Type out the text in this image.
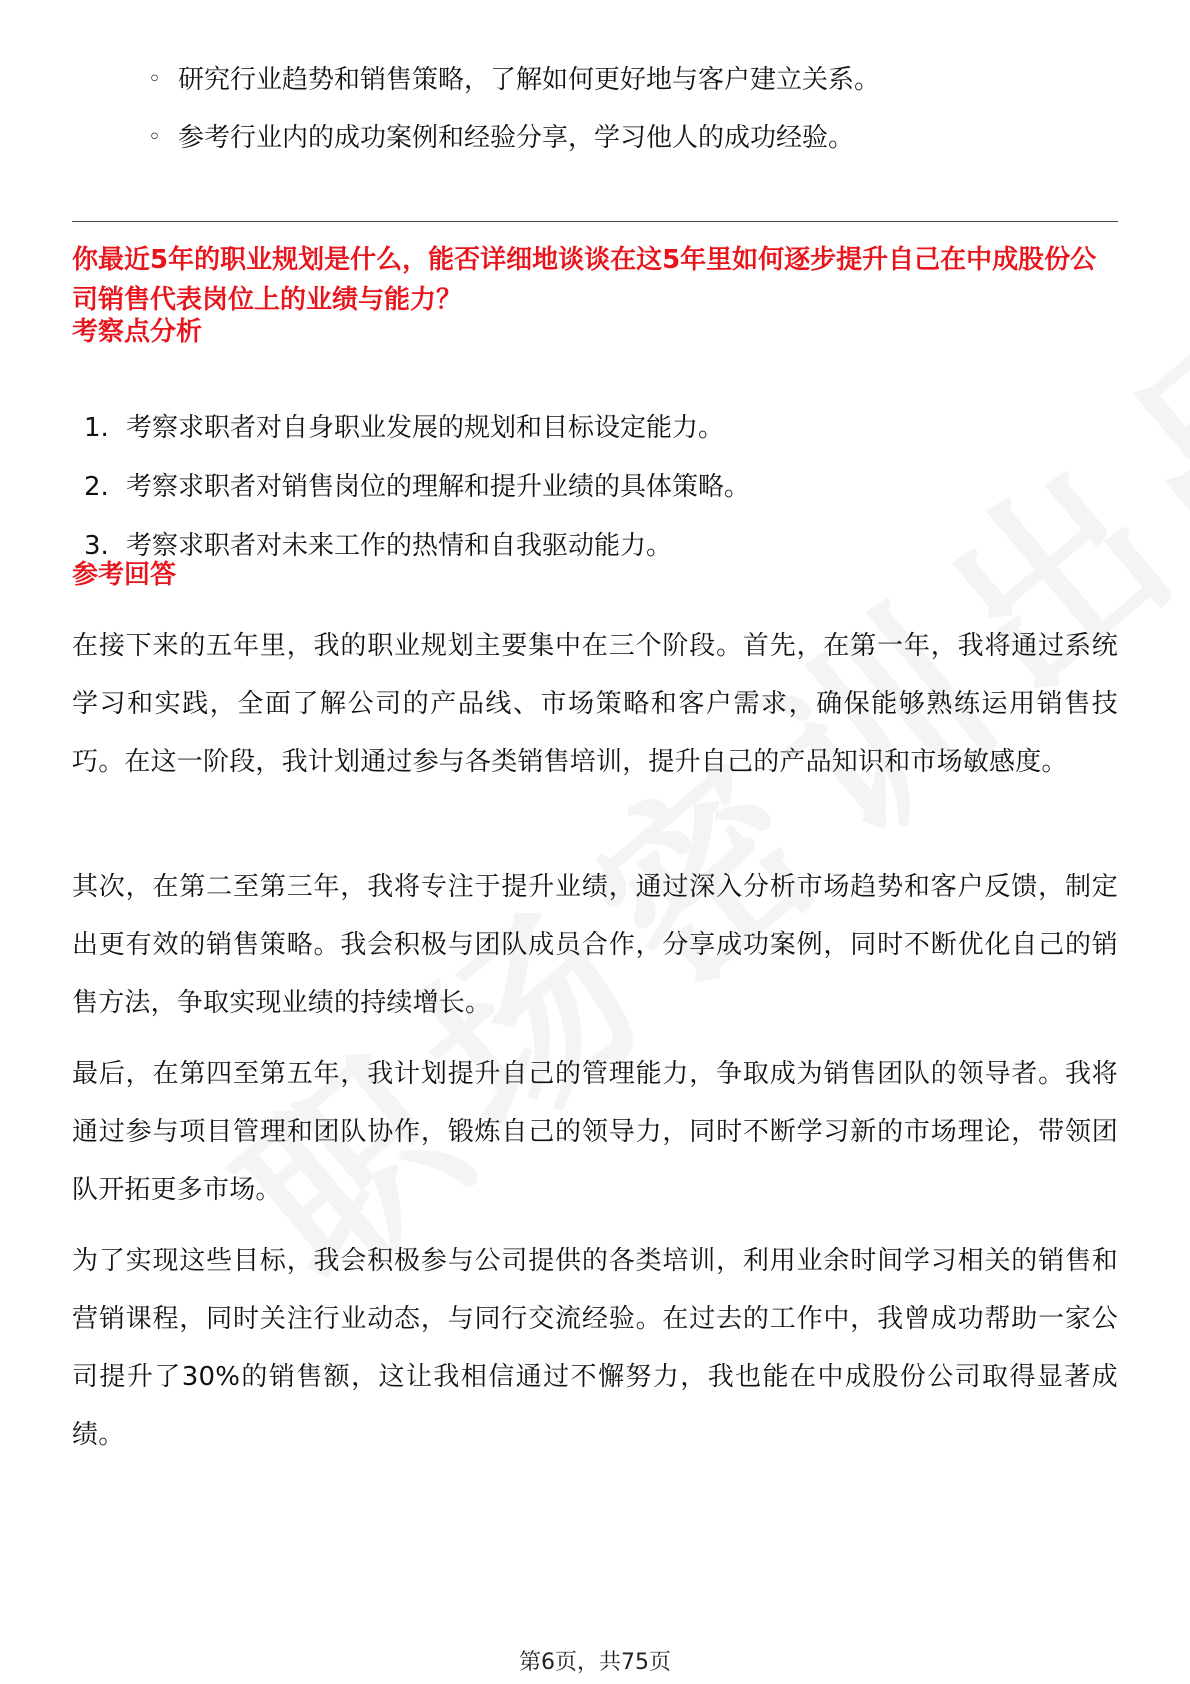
◦ 研究行业趋势和销售策略，了解如何更好地与客户建立关系。
◦ 参考行业内的成功案例和经验分享，学习他人的成功经验。
你最近5年的职业规划是什么，能否详细地谈谈在这5年里如何逐步提升自己在中成股份公司销售代表岗位上的业绩与能力？
考察点分析
1. 考察求职者对自身职业发展的规划和目标设定能力。
2. 考察求职者对销售岗位的理解和提升业绩的具体策略。
3. 考察求职者对未来工作的热情和自我驱动能力。
参考回答

在接下来的五年里，我的职业规划主要集中在三个阶段。首先，在第一年，我将通过系统学习和实践，全面了解公司的产品线、市场策略和客户需求，确保能够熟练运用销售技巧。在这一阶段，我计划通过参与各类销售培训，提升自己的产品知识和市场敏感度。

其次，在第二至第三年，我将专注于提升业绩，通过深入分析市场趋势和客户反馈，制定出更有效的销售策略。我会积极与团队成员合作，分享成功案例，同时不断优化自己的销售方法，争取实现业绩的持续增长。

最后，在第四至第五年，我计划提升自己的管理能力，争取成为销售团队的领导者。我将通过参与项目管理和团队协作，锻炼自己的领导力，同时不断学习新的市场理论，带领团队开拓更多市场。

为了实现这些目标，我会积极参与公司提供的各类培训，利用业余时间学习相关的销售和营销课程，同时关注行业动态，与同行交流经验。在过去的工作中，我曾成功帮助一家公司提升了30%的销售额，这让我相信通过不懈努力，我也能在中成股份公司取得显著成绩。

第6页，共75页
